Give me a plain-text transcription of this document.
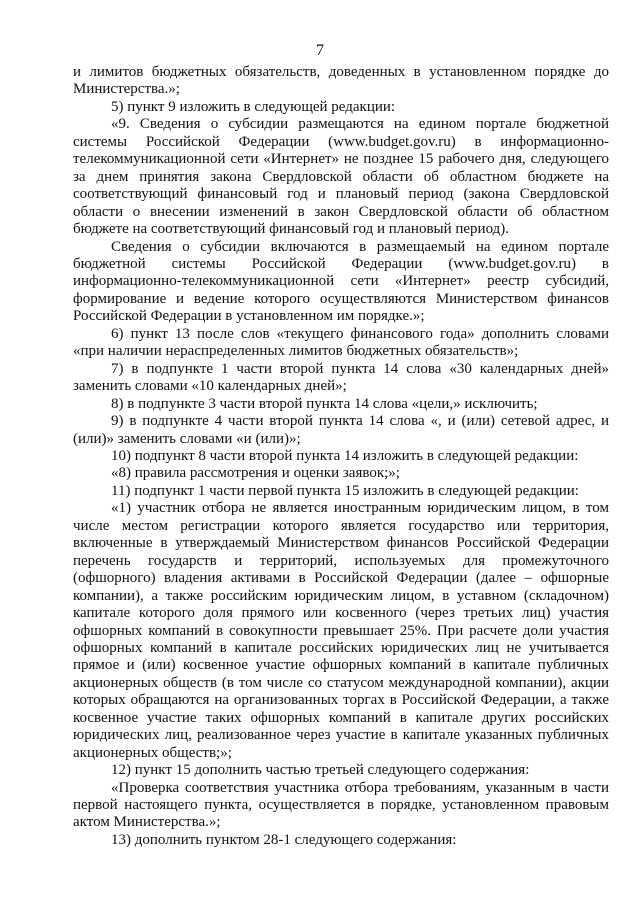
7

и лимитов бюджетных обязательств, доведенных в установленном порядке до Министерства.»;

5) пункт 9 изложить в следующей редакции:

«9. Сведения о субсидии размещаются на едином портале бюджетной системы Российской Федерации (www.budget.gov.ru) в информационно-телекоммуникационной сети «Интернет» не позднее 15 рабочего дня, следующего за днем принятия закона Свердловской области об областном бюджете на соответствующий финансовый год и плановый период (закона Свердловской области о внесении изменений в закон Свердловской области об областном бюджете на соответствующий финансовый год и плановый период).

Сведения о субсидии включаются в размещаемый на едином портале бюджетной системы Российской Федерации (www.budget.gov.ru) в информационно-телекоммуникационной сети «Интернет» реестр субсидий, формирование и ведение которого осуществляются Министерством финансов Российской Федерации в установленном им порядке.»;

6) пункт 13 после слов «текущего финансового года» дополнить словами «при наличии нераспределенных лимитов бюджетных обязательств»;

7) в подпункте 1 части второй пункта 14 слова «30 календарных дней» заменить словами «10 календарных дней»;

8) в подпункте 3 части второй пункта 14 слова «цели,» исключить;

9) в подпункте 4 части второй пункта 14 слова «, и (или) сетевой адрес, и (или)» заменить словами «и (или)»;

10) подпункт 8 части второй пункта 14 изложить в следующей редакции:

«8) правила рассмотрения и оценки заявок;»;

11) подпункт 1 части первой пункта 15 изложить в следующей редакции:

«1) участник отбора не является иностранным юридическим лицом, в том числе местом регистрации которого является государство или территория, включенные в утверждаемый Министерством финансов Российской Федерации перечень государств и территорий, используемых для промежуточного (офшорного) владения активами в Российской Федерации (далее – офшорные компании), а также российским юридическим лицом, в уставном (складочном) капитале которого доля прямого или косвенного (через третьих лиц) участия офшорных компаний в совокупности превышает 25%. При расчете доли участия офшорных компаний в капитале российских юридических лиц не учитывается прямое и (или) косвенное участие офшорных компаний в капитале публичных акционерных обществ (в том числе со статусом международной компании), акции которых обращаются на организованных торгах в Российской Федерации, а также косвенное участие таких офшорных компаний в капитале других российских юридических лиц, реализованное через участие в капитале указанных публичных акционерных обществ;»;

12) пункт 15 дополнить частью третьей следующего содержания:

«Проверка соответствия участника отбора требованиям, указанным в части первой настоящего пункта, осуществляется в порядке, установленном правовым актом Министерства.»;

13) дополнить пунктом 28-1 следующего содержания:
